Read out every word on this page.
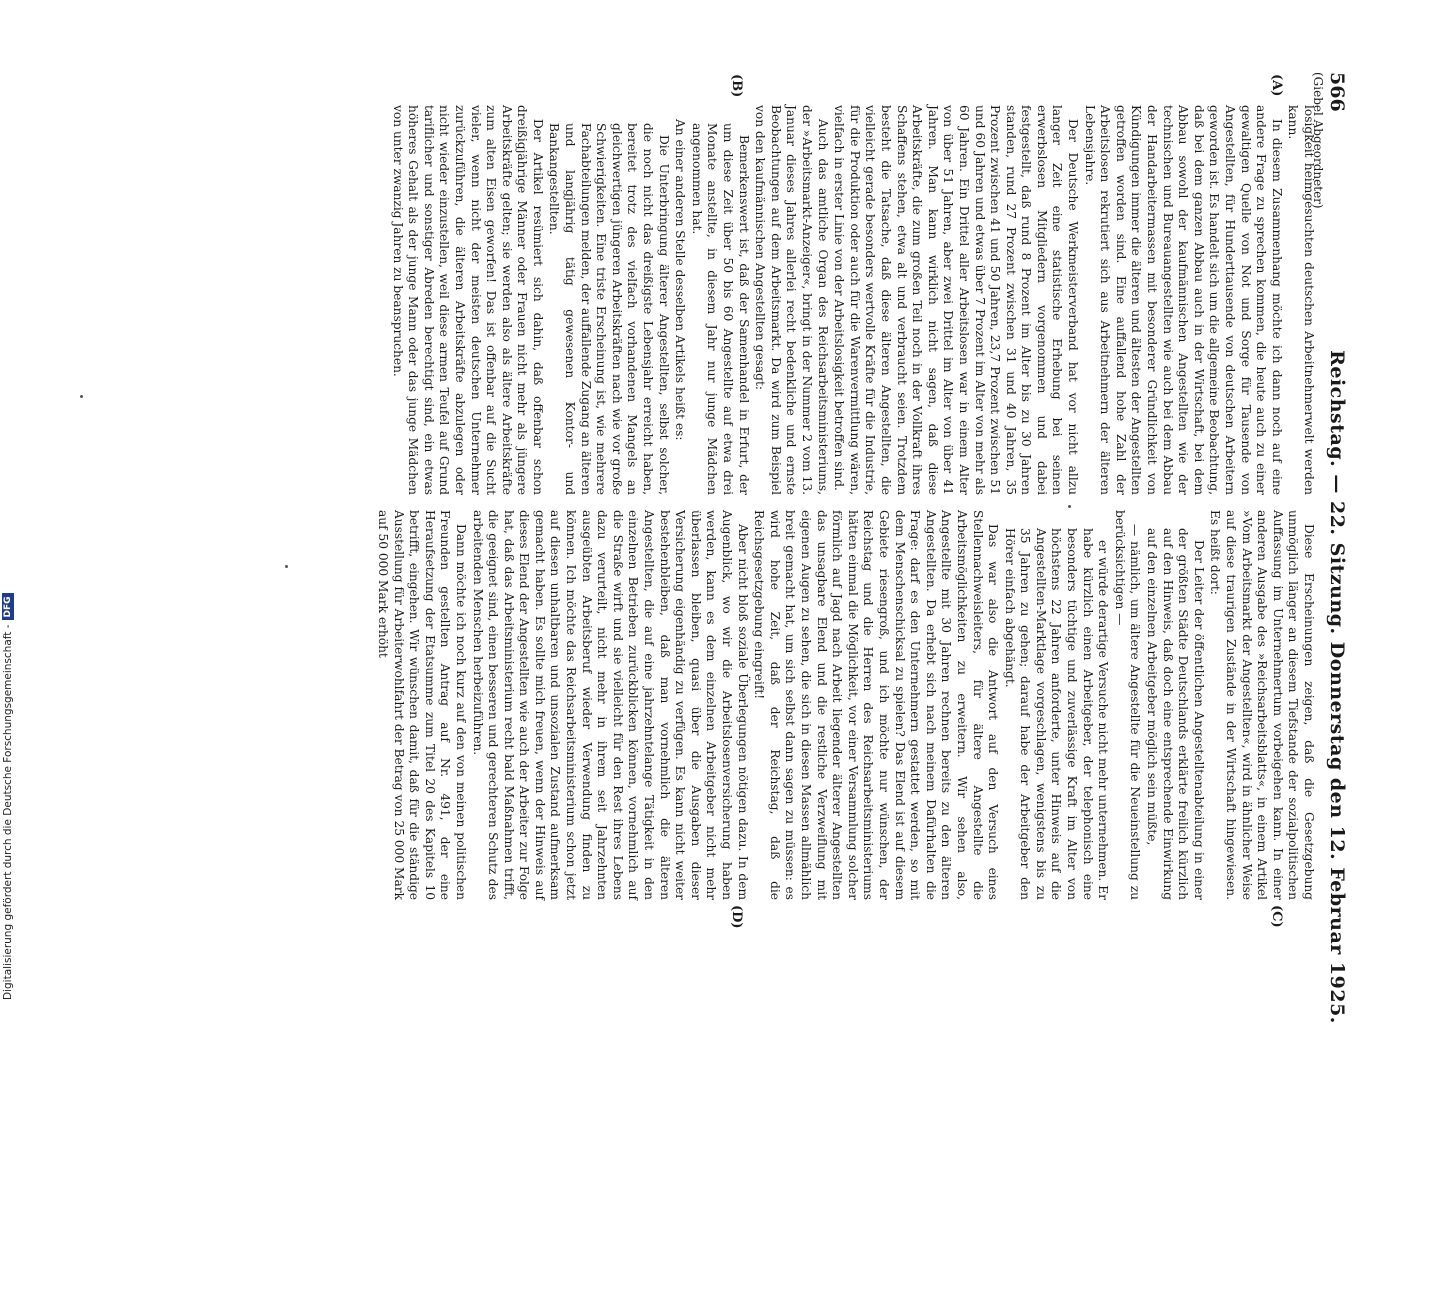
566
Reichstag. — 22. Sitzung. Donnerstag den 12. Februar 1925.
(Giebel Abgeordneter)
(A)
(B)
(C)
(D)

losigkeit heimgesuchten deutschen Arbeitnehmerwelt werden kann.

In diesem Zusammenhang möchte ich dann noch auf eine andere Frage zu sprechen kommen, die heute auch zu einer gewaltigen Quelle von Not und Sorge für Tausende von Angestellten, für Hunderttausende von deutschen Arbeitern geworden ist. Es handelt sich um die allgemeine Beobachtung, daß bei dem ganzen Abbau auch in der Wirtschaft, bei dem Abbau sowohl der kaufmännischen Angestellten wie der technischen und Bureauangestellten wie auch bei dem Abbau der Handarbeitermassen mit besonderer Gründlichkeit von Kündigungen immer die älteren und ältesten der Angestellten getroffen worden sind. Eine auffallend hohe Zahl der Arbeitslosen rekrutiert sich aus Arbeitnehmern der älteren Lebensjahre.

Der Deutsche Werkmeisterverband hat vor nicht allzu langer Zeit eine statistische Erhebung bei seinen erwerbslosen Mitgliedern vorgenommen und dabei festgestellt, daß rund 8 Prozent im Alter bis zu 30 Jahren standen, rund 27 Prozent zwischen 31 und 40 Jahren, 35 Prozent zwischen 41 und 50 Jahren, 23,7 Prozent zwischen 51 und 60 Jahren und etwas über 7 Prozent im Alter von mehr als 60 Jahren. Ein Drittel aller Arbeitslosen war in einem Alter von über 51 Jahren, aber zwei Drittel im Alter von über 41 Jahren. Man kann wirklich nicht sagen, daß diese Arbeitskräfte, die zum großen Teil noch in der Vollkraft ihres Schaffens stehen, etwa alt und verbraucht seien. Trotzdem besteht die Tatsache, daß diese älteren Angestellten, die vielleicht gerade besonders wertvolle Kräfte für die Industrie, für die Produktion oder auch für die Warenvermittlung wären, vielfach in erster Linie von der Arbeitslosigkeit betroffen sind.

Auch das amtliche Organ des Reichsarbeitsministeriums, der »Arbeitsmarkt-Anzeiger«, bringt in der Nummer 2 vom 13. Januar dieses Jahres allerlei recht bedenkliche und ernste Beobachtungen auf dem Arbeitsmarkt. Da wird zum Beispiel von den kaufmännischen Angestellten gesagt:

Bemerkenswert ist, daß der Samenhandel in Erfurt, der um diese Zeit über 50 bis 60 Angestellte auf etwa drei Monate anstellte, in diesem Jahr nur junge Mädchen angenommen hat.

An einer anderen Stelle desselben Artikels heißt es:

Die Unterbringung älterer Angestellten, selbst solcher, die noch nicht das dreißigste Lebensjahr erreicht haben, bereitet trotz des vielfach vorhandenen Mangels an gleichwertigen jüngeren Arbeitskräften nach wie vor große Schwierigkeiten. Eine triste Erscheinung ist, wie mehrere Fachabteilungen melden, der auffallende Zugang an älteren und langjährig tätig gewesenen Kontor- und Bankangestellten.

Der Artikel resümiert sich dahin, daß offenbar schon dreißigjährige Männer oder Frauen nicht mehr als jüngere Arbeitskräfte gelten; sie werden also als ältere Arbeitskräfte zum alten Eisen geworfen! Das ist offenbar auf die Sucht vieler, wenn nicht der meisten deutschen Unternehmer zurückzuführen, die älteren Arbeitskräfte abzulegen oder nicht wieder einzustellen, weil diese armen Teufel auf Grund tariflicher und sonstiger Abreden berechtigt sind, ein etwas höheres Gehalt als der junge Mann oder das junge Mädchen von unter zwanzig Jahren zu beanspruchen.

Diese Erscheinungen zeigen, daß die Gesetzgebung unmöglich länger an diesem Tiefstande der sozialpolitischen Auffassung im Unternehmertum vorbeigehen kann. In einer anderen Ausgabe des »Reichsarbeitsblatts«, in einem Artikel »Vom Arbeitsmarkt der Angestellten«, wird in ähnlicher Weise auf diese traurigen Zustände in der Wirtschaft hingewiesen. Es heißt dort:

Der Leiter der öffentlichen Angestelltenabteilung in einer der größten Städte Deutschlands erklärte freilich kürzlich auf den Hinweis, daß doch eine entsprechende Einwirkung auf den einzelnen Arbeitgeber möglich sein müßte,

— nämlich, um ältere Angestellte für die Neueinstellung zu berücksichtigen —

er würde derartige Versuche nicht mehr unternehmen. Er habe kürzlich einen Arbeitgeber, der telephonisch eine besonders tüchtige und zuverlässige Kraft im Alter von höchstens 22 Jahren anforderte, unter Hinweis auf die Angestellten-Marktlage vorgeschlagen, wenigstens bis zu 35 Jahren zu gehen; darauf habe der Arbeitgeber den Hörer einfach abgehängt.

Das war also die Antwort auf den Versuch eines Stellennachweisleiters, für ältere Angestellte die Arbeitsmöglichkeiten zu erweitern. Wir sehen also, Angestellte mit 30 Jahren rechnen bereits zu den älteren Angestellten. Da erhebt sich nach meinem Dafürhalten die Frage: darf es den Unternehmern gestattet werden, so mit dem Menschenschicksal zu spielen? Das Elend ist auf diesem Gebiete riesengroß, und ich möchte nur wünschen, der Reichstag und die Herren des Reichsarbeitsministeriums hätten einmal die Möglichkeit, vor einer Versammlung solcher förmlich auf Jagd nach Arbeit liegender älterer Angestellten das unsagbare Elend und die restliche Verzweiflung mit eigenen Augen zu sehen, die sich in diesen Massen allmählich breit gemacht hat, um sich selbst dann sagen zu müssen: es wird hohe Zeit, daß der Reichstag, daß die Reichsgesetzgebung eingreift!

Aber nicht bloß soziale Überlegungen nötigen dazu. In dem Augenblick, wo wir die Arbeitslosenversicherung haben werden, kann es dem einzelnen Arbeitgeber nicht mehr überlassen bleiben, quasi über die Ausgaben dieser Versicherung eigenhändig zu verfügen. Es kann nicht weiter bestehenbleiben, daß man vornehmlich die älteren Angestellten, die auf eine jahrzehntelange Tätigkeit in den einzelnen Betrieben zurückblicken können, vornehmlich auf die Straße wirft und sie vielleicht für den Rest ihres Lebens dazu verurteilt, nicht mehr in ihrem seit Jahrzehnten ausgeübten Arbeitsberuf wieder Verwendung finden zu können. Ich möchte das Reichsarbeitsministerium schon jetzt auf diesen unhaltbaren und unsozialen Zustand aufmerksam gemacht haben. Es sollte mich freuen, wenn der Hinweis auf dieses Elend der Angestellten wie auch der Arbeiter zur Folge hat, daß das Arbeitsministerium recht bald Maßnahmen trifft, die geeignet sind, einen besseren und gerechteren Schutz des arbeitenden Menschen herbeizuführen.

Dann möchte ich noch kurz auf den von meinen politischen Freunden gestellten Antrag auf Nr. 491, der eine Heraufsetzung der Etatsumme zum Titel 20 des Kapitels 10 betrifft, eingehen. Wir wünschen damit, daß für die ständige Ausstellung für Arbeiterwohlfahrt der Betrag von 25 000 Mark auf 50 000 Mark erhöht

Digitalisierung gefördert durch die Deutsche Forschungsgemeinschaft -DFG
